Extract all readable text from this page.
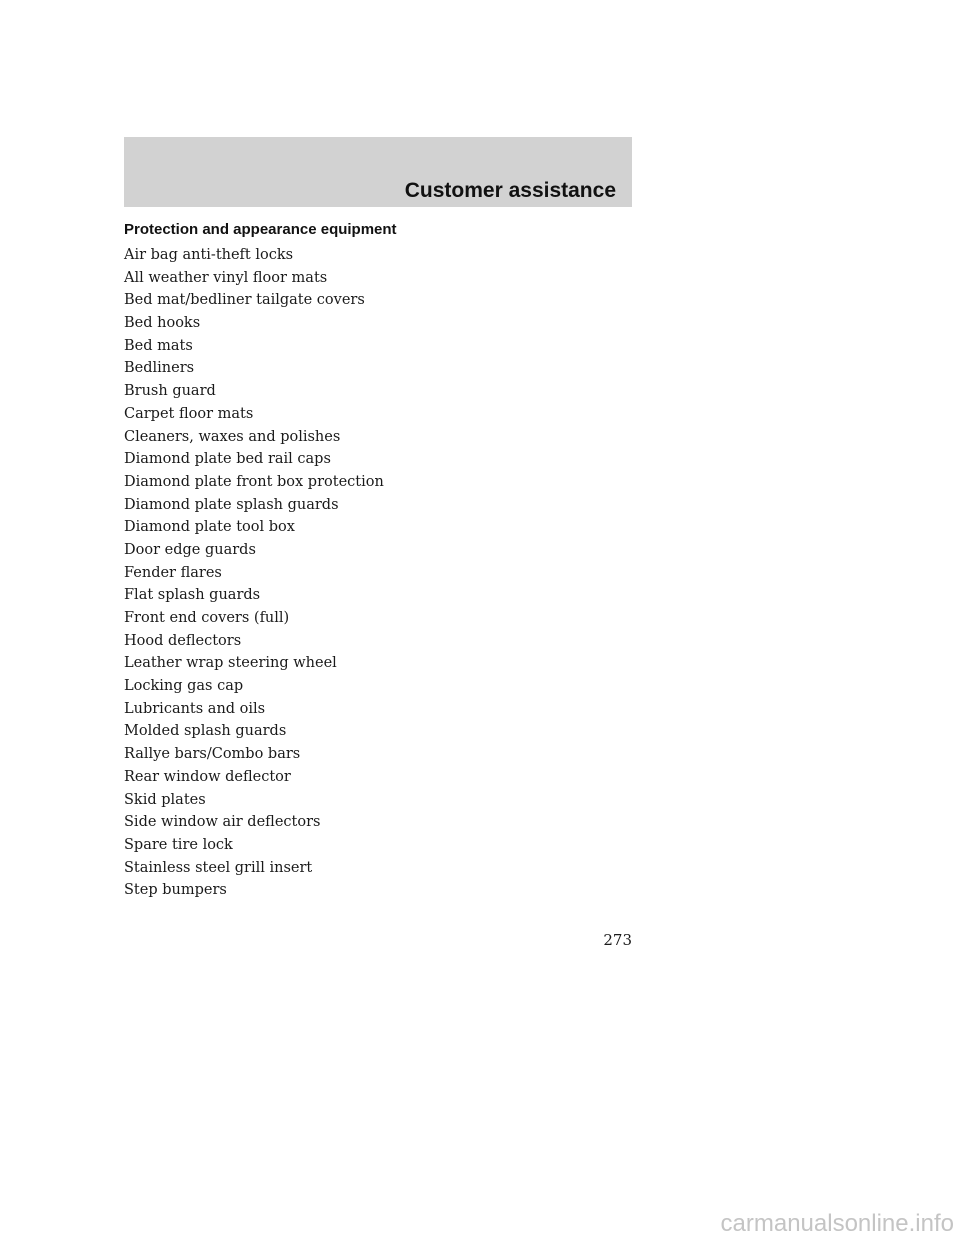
Customer assistance
Protection and appearance equipment
Air bag anti-theft locks
All weather vinyl floor mats
Bed mat/bedliner tailgate covers
Bed hooks
Bed mats
Bedliners
Brush guard
Carpet floor mats
Cleaners, waxes and polishes
Diamond plate bed rail caps
Diamond plate front box protection
Diamond plate splash guards
Diamond plate tool box
Door edge guards
Fender flares
Flat splash guards
Front end covers (full)
Hood deflectors
Leather wrap steering wheel
Locking gas cap
Lubricants and oils
Molded splash guards
Rallye bars/Combo bars
Rear window deflector
Skid plates
Side window air deflectors
Spare tire lock
Stainless steel grill insert
Step bumpers
273
carmanualsonline.info
